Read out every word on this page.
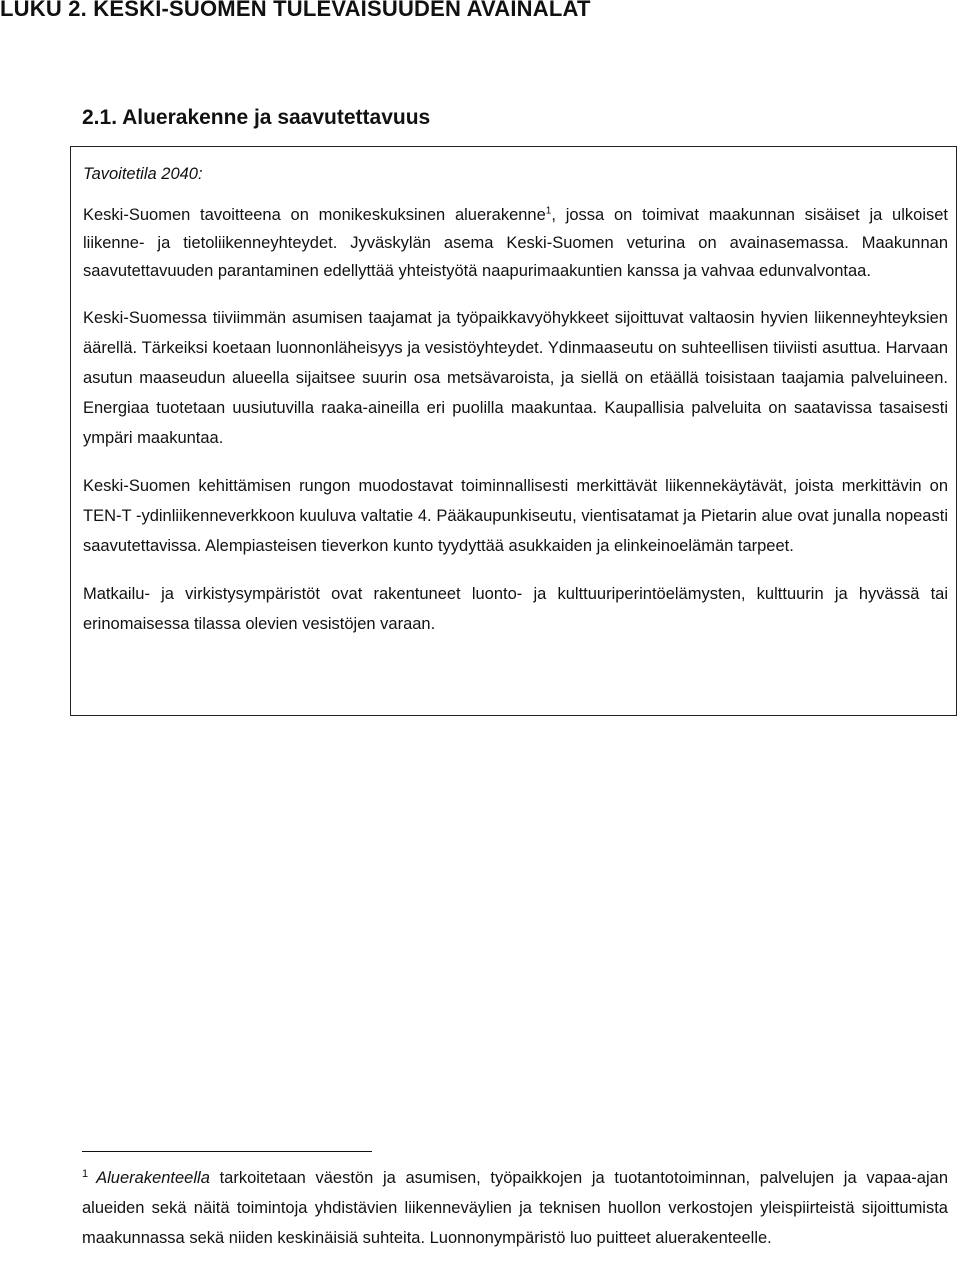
LUKU 2. KESKI-SUOMEN TULEVAISUUDEN AVAINALAT
2.1. Aluerakenne ja saavutettavuus

Tavoitetila 2040:

Keski-Suomen tavoitteena on monikeskuksinen aluerakenne$^1$, jossa on toimivat maakunnan sisäiset ja ulkoiset liikenne- ja tietoliikenneyhteydet. Jyväskylän asema Keski-Suomen veturina on avainasemassa. Maakunnan saavutettavuuden parantaminen edellyttää yhteistyötä naapurimaakuntien kanssa ja vahvaa edunvalvontaa.

Keski-Suomessa tiiviimmän asumisen taajamat ja työpaikkavyöhykkeet sijoittuvat valtaosin hyvien liikenneyhteyksien äärellä. Tärkeiksi koetaan luonnonläheisyys ja vesistöyhteydet. Ydinmaaseutu on suhteellisen tiiviisti asuttua. Harvaan asutun maaseudun alueella sijaitsee suurin osa metsävaroista, ja siellä on etäällä toisistaan taajamia palveluineen. Energiaa tuotetaan uusiutuvilla raaka-aineilla eri puolilla maakuntaa. Kaupallisia palveluita on saatavissa tasaisesti ympäri maakuntaa.

Keski-Suomen kehittämisen rungon muodostavat toiminnallisesti merkittävät liikennekäytävät, joista merkittävin on TEN-T -ydinliikenneverkkoon kuuluva valtatie 4. Pääkaupunkiseutu, vientisatamat ja Pietarin alue ovat junalla nopeasti saavutettavissa. Alempiasteisen tieverkon kunto tyydyttää asukkaiden ja elinkeinoelämän tarpeet.

Matkailu- ja virkistysympäristöt ovat rakentuneet luonto- ja kulttuuriperintöelämysten, kulttuurin ja hyvässä tai erinomaisessa tilassa olevien vesistöjen varaan.

$^1$ Aluerakenteella tarkoitetaan väestön ja asumisen, työpaikkojen ja tuotantotoiminnan, palvelujen ja vapaa-ajan alueiden sekä näitä toimintoja yhdistävien liikenneväylien ja teknisen huollon verkostojen yleispiirteistä sijoittumista maakunnassa sekä niiden keskinäisiä suhteita. Luonnonympäristö luo puitteet aluerakenteelle.
